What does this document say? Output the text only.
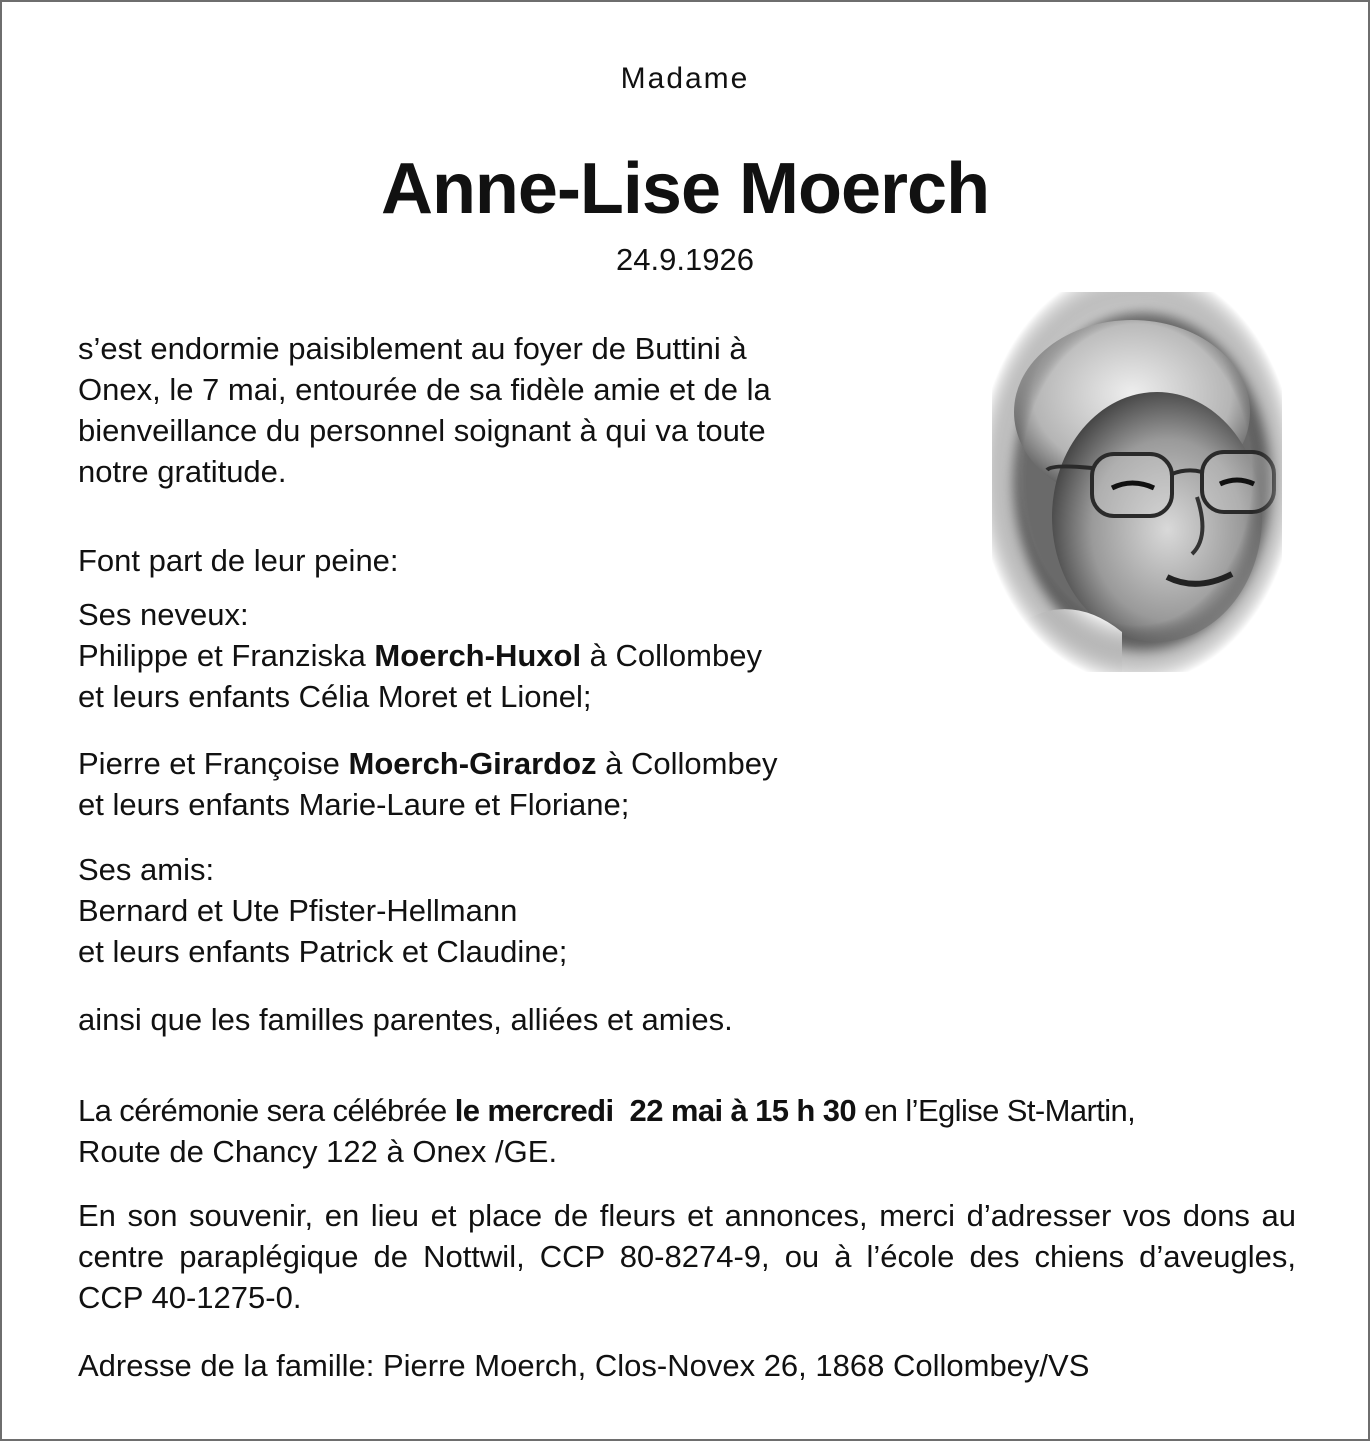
Madame
Anne-Lise Moerch
24.9.1926
s’est endormie paisiblement au foyer de Buttini à
Onex, le 7 mai, entourée de sa fidèle amie et de la
bienveillance du personnel soignant à qui va toute
notre gratitude.
Font part de leur peine:
Ses neveux:
Philippe et Franziska Moerch-Huxol à Collombey
et leurs enfants Célia Moret et Lionel;
Pierre et Françoise Moerch-Girardoz à Collombey
et leurs enfants Marie-Laure et Floriane;
Ses amis:
Bernard et Ute Pfister-Hellmann
et leurs enfants Patrick et Claudine;
ainsi que les familles parentes, alliées et amies.
La cérémonie sera célébrée le mercredi  22 mai à 15 h 30 en l’Eglise St-Martin,
Route de Chancy 122 à Onex /GE.

En son souvenir, en lieu et place de fleurs et annonces, merci d’adresser vos dons au centre paraplégique de Nottwil, CCP 80-8274-9, ou à l’école des chiens d’aveugles, CCP 40-1275-0.

Adresse de la famille: Pierre Moerch, Clos-Novex 26, 1868 Collombey/VS
